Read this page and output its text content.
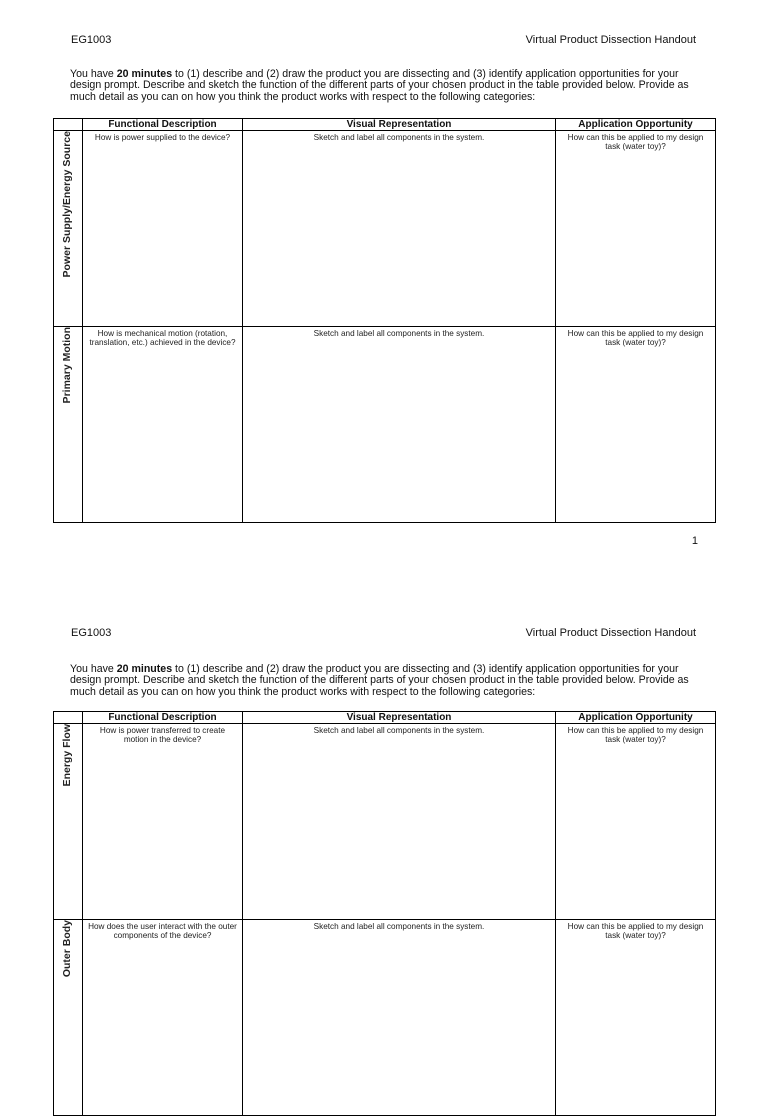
EG1003	Virtual Product Dissection Handout
You have 20 minutes to (1) describe and (2) draw the product you are dissecting and (3) identify application opportunities for your design prompt. Describe and sketch the function of the different parts of your chosen product in the table provided below. Provide as much detail as you can on how you think the product works with respect to the following categories:
	Functional Description	Visual Representation	Application Opportunity

Power Supply/Energy Source	How is power supplied to the device?	Sketch and label all components in the system.	How can this be applied to my design task (water toy)?

Primary Motion	How is mechanical motion (rotation, translation, etc.) achieved in the device?	Sketch and label all components in the system.	How can this be applied to my design task (water toy)?
1
EG1003	Virtual Product Dissection Handout
You have 20 minutes to (1) describe and (2) draw the product you are dissecting and (3) identify application opportunities for your design prompt. Describe and sketch the function of the different parts of your chosen product in the table provided below. Provide as much detail as you can on how you think the product works with respect to the following categories:
	Functional Description	Visual Representation	Application Opportunity

Energy Flow	How is power transferred to create motion in the device?	Sketch and label all components in the system.	How can this be applied to my design task (water toy)?

Outer Body	How does the user interact with the outer components of the device?	Sketch and label all components in the system.	How can this be applied to my design task (water toy)?
